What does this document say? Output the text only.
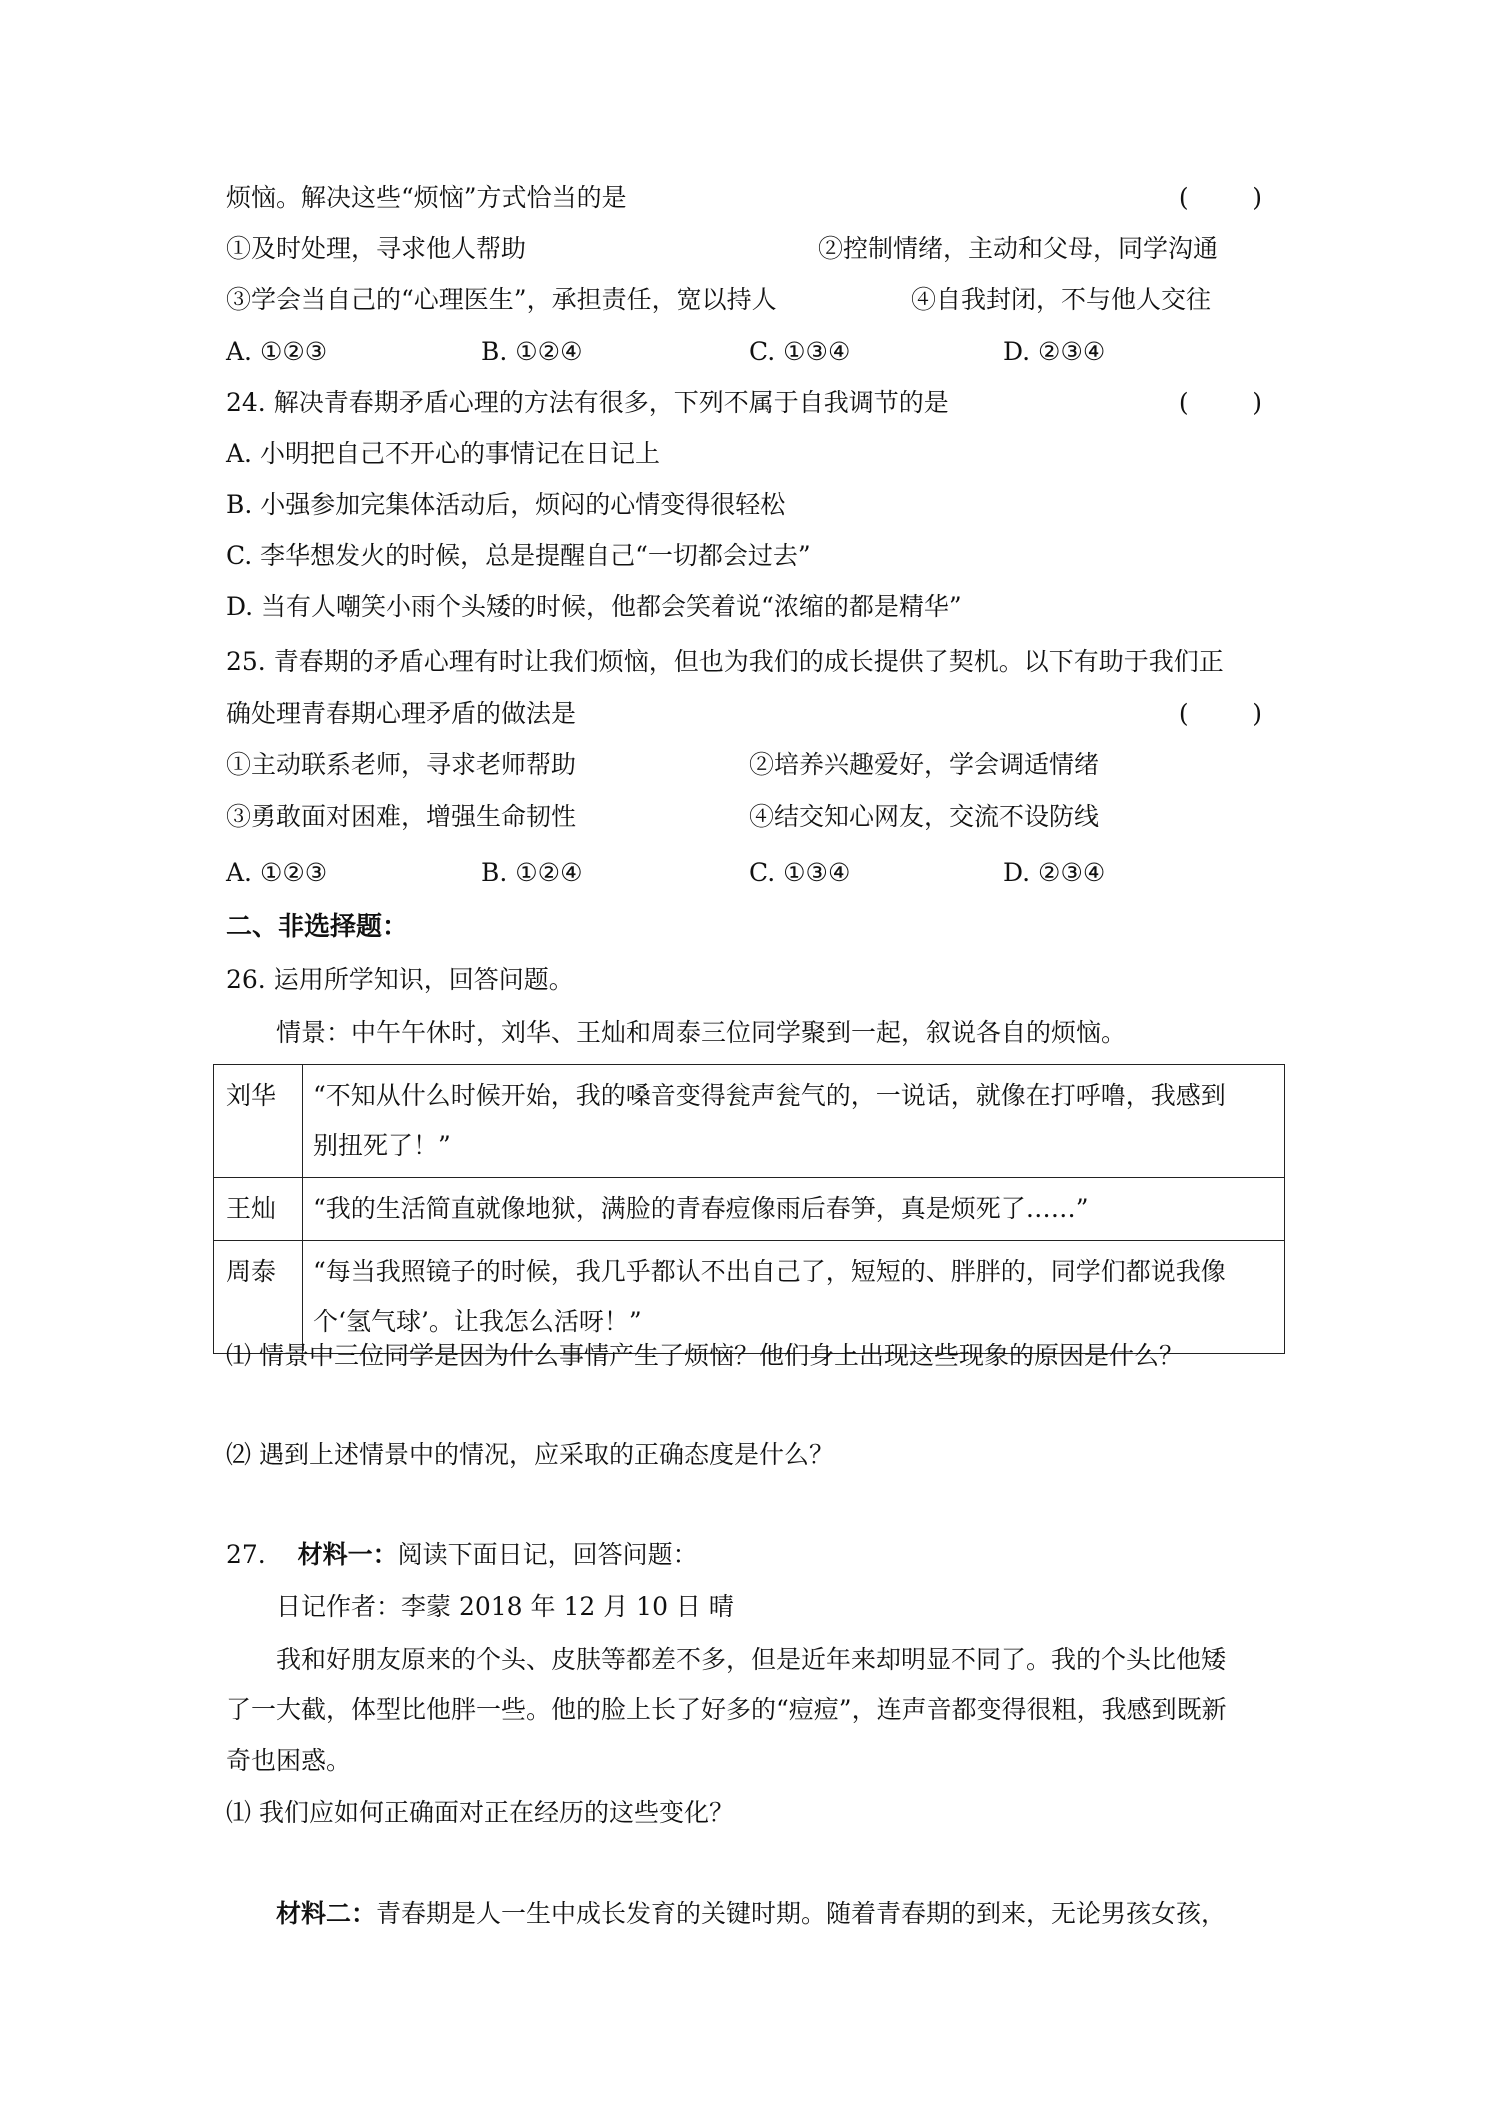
烦恼。解决这些“烦恼”方式恰当的是	(        )
①及时处理，寻求他人帮助	②控制情绪，主动和父母，同学沟通
③学会当自己的“心理医生”，承担责任，宽以持人	④自我封闭，不与他人交往
A. ①②③	B. ①②④	C. ①③④	D. ②③④
24. 解决青春期矛盾心理的方法有很多，下列不属于自我调节的是	(        )
A. 小明把自己不开心的事情记在日记上
B. 小强参加完集体活动后，烦闷的心情变得很轻松
C. 李华想发火的时候，总是提醒自己“一切都会过去”
D. 当有人嘲笑小雨个头矮的时候，他都会笑着说“浓缩的都是精华”
25. 青春期的矛盾心理有时让我们烦恼，但也为我们的成长提供了契机。以下有助于我们正
确处理青春期心理矛盾的做法是	(        )
①主动联系老师，寻求老师帮助	②培养兴趣爱好，学会调适情绪
③勇敢面对困难，增强生命韧性	④结交知心网友，交流不设防线
A. ①②③	B. ①②④	C. ①③④	D. ②③④
二、非选择题：
26. 运用所学知识，回答问题。
情景：中午午休时，刘华、王灿和周泰三位同学聚到一起，叙说各自的烦恼。
刘华	“不知从什么时候开始，我的嗓音变得瓮声瓮气的，一说话，就像在打呼噜，我感到
别扭死了！”

王灿	“我的生活简直就像地狱，满脸的青春痘像雨后春笋，真是烦死了……”

周泰	“每当我照镜子的时候，我几乎都认不出自己了，短短的、胖胖的，同学们都说我像
个‘氢气球’。让我怎么活呀！”
⑴ 情景中三位同学是因为什么事情产生了烦恼？他们身上出现这些现象的原因是什么？
⑵ 遇到上述情景中的情况，应采取的正确态度是什么？
27. 材料一：阅读下面日记，回答问题：
日记作者：李蒙 2018 年 12 月 10 日 晴
我和好朋友原来的个头、皮肤等都差不多，但是近年来却明显不同了。我的个头比他矮
了一大截，体型比他胖一些。他的脸上长了好多的“痘痘”，连声音都变得很粗，我感到既新
奇也困惑。
⑴ 我们应如何正确面对正在经历的这些变化？
材料二：青春期是人一生中成长发育的关键时期。随着青春期的到来，无论男孩女孩，
